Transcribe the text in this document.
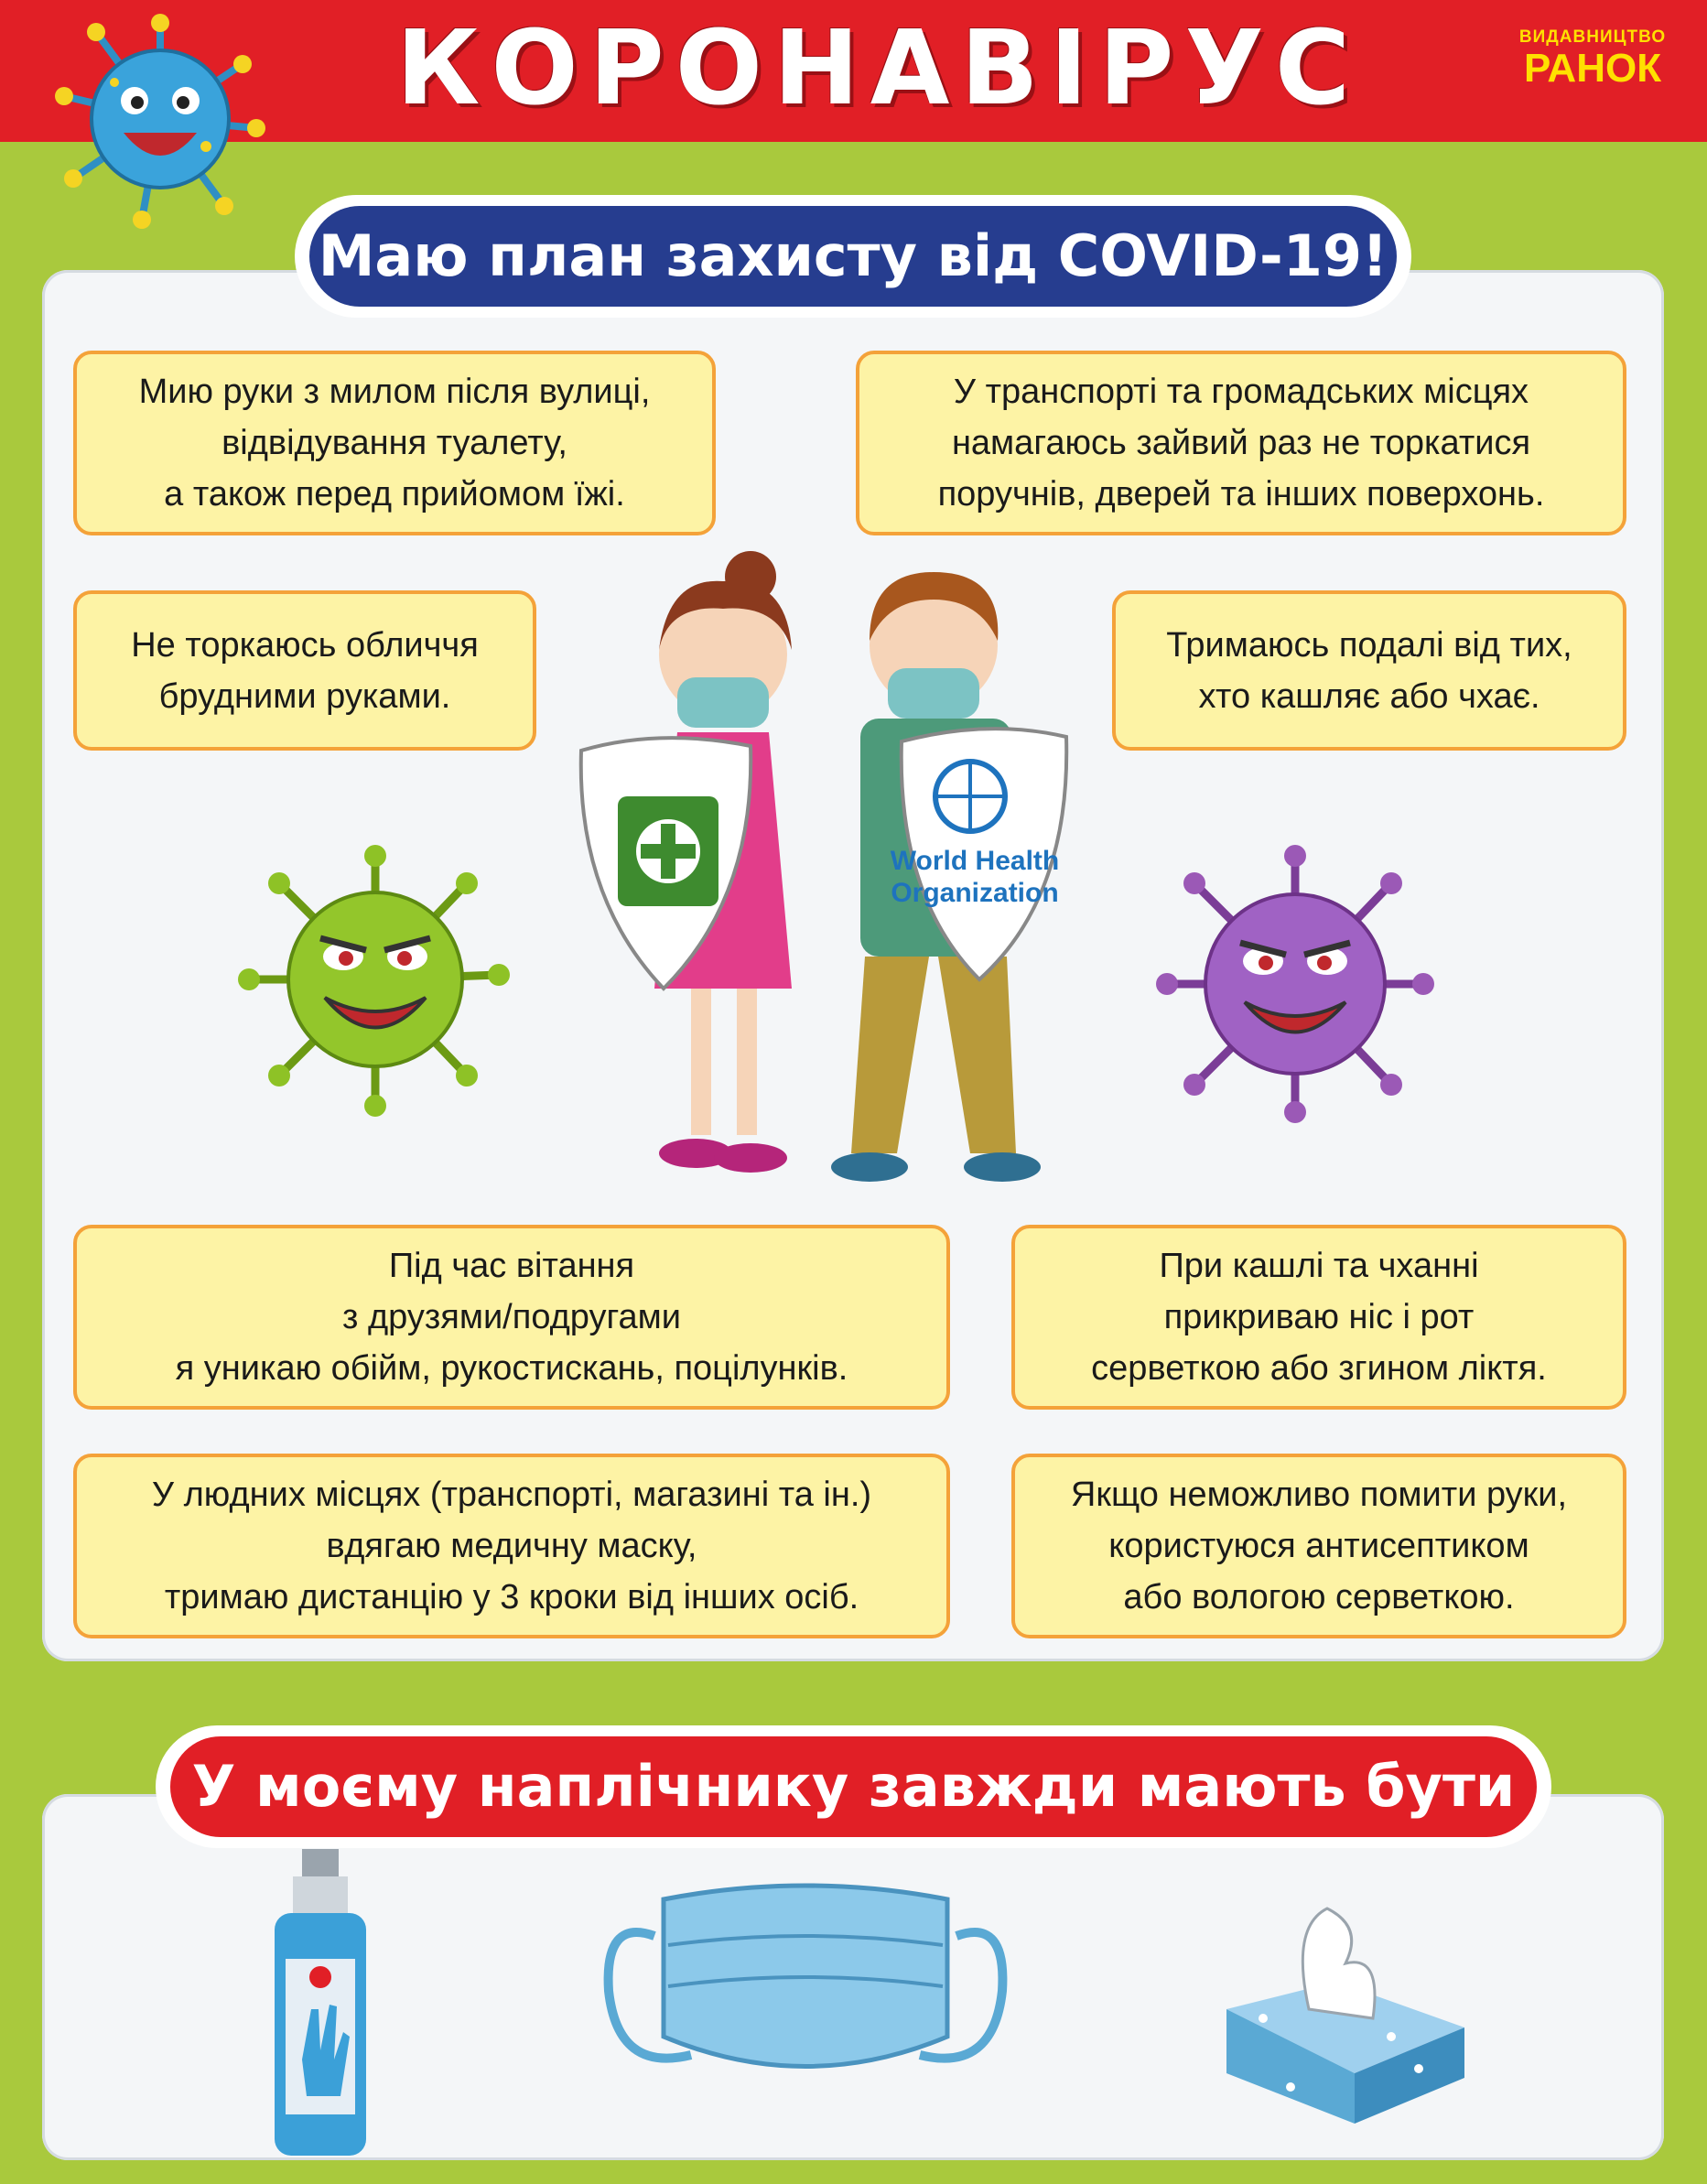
КОРОНАВІРУС	ВИДАВНИЦТВО
РАНОК
Маю план захисту від COVID-19!
Мию руки з милом після вулиці,
відвідування туалету,
а також перед прийомом їжі.
У транспорті та громадських місцях
намагаюсь зайвий раз не торкатися
поручнів, дверей та інших поверхонь.
Не торкаюсь обличчя
брудними руками.
Тримаюсь подалі від тих,
хто кашляє або чхає.
Під час вітання
з друзями/подругами
я уникаю обійм, рукостискань, поцілунків.
При кашлі та чханні
прикриваю ніс і рот
серветкою або згином ліктя.
У людних місцях (транспорті, магазині та ін.)
вдягаю медичну маску,
тримаю дистанцію у 3 кроки від інших осіб.
Якщо неможливо помити руки,
користуюся антисептиком
або вологою серветкою.
World Health
Organization
У моєму наплічнику завжди мають бути
